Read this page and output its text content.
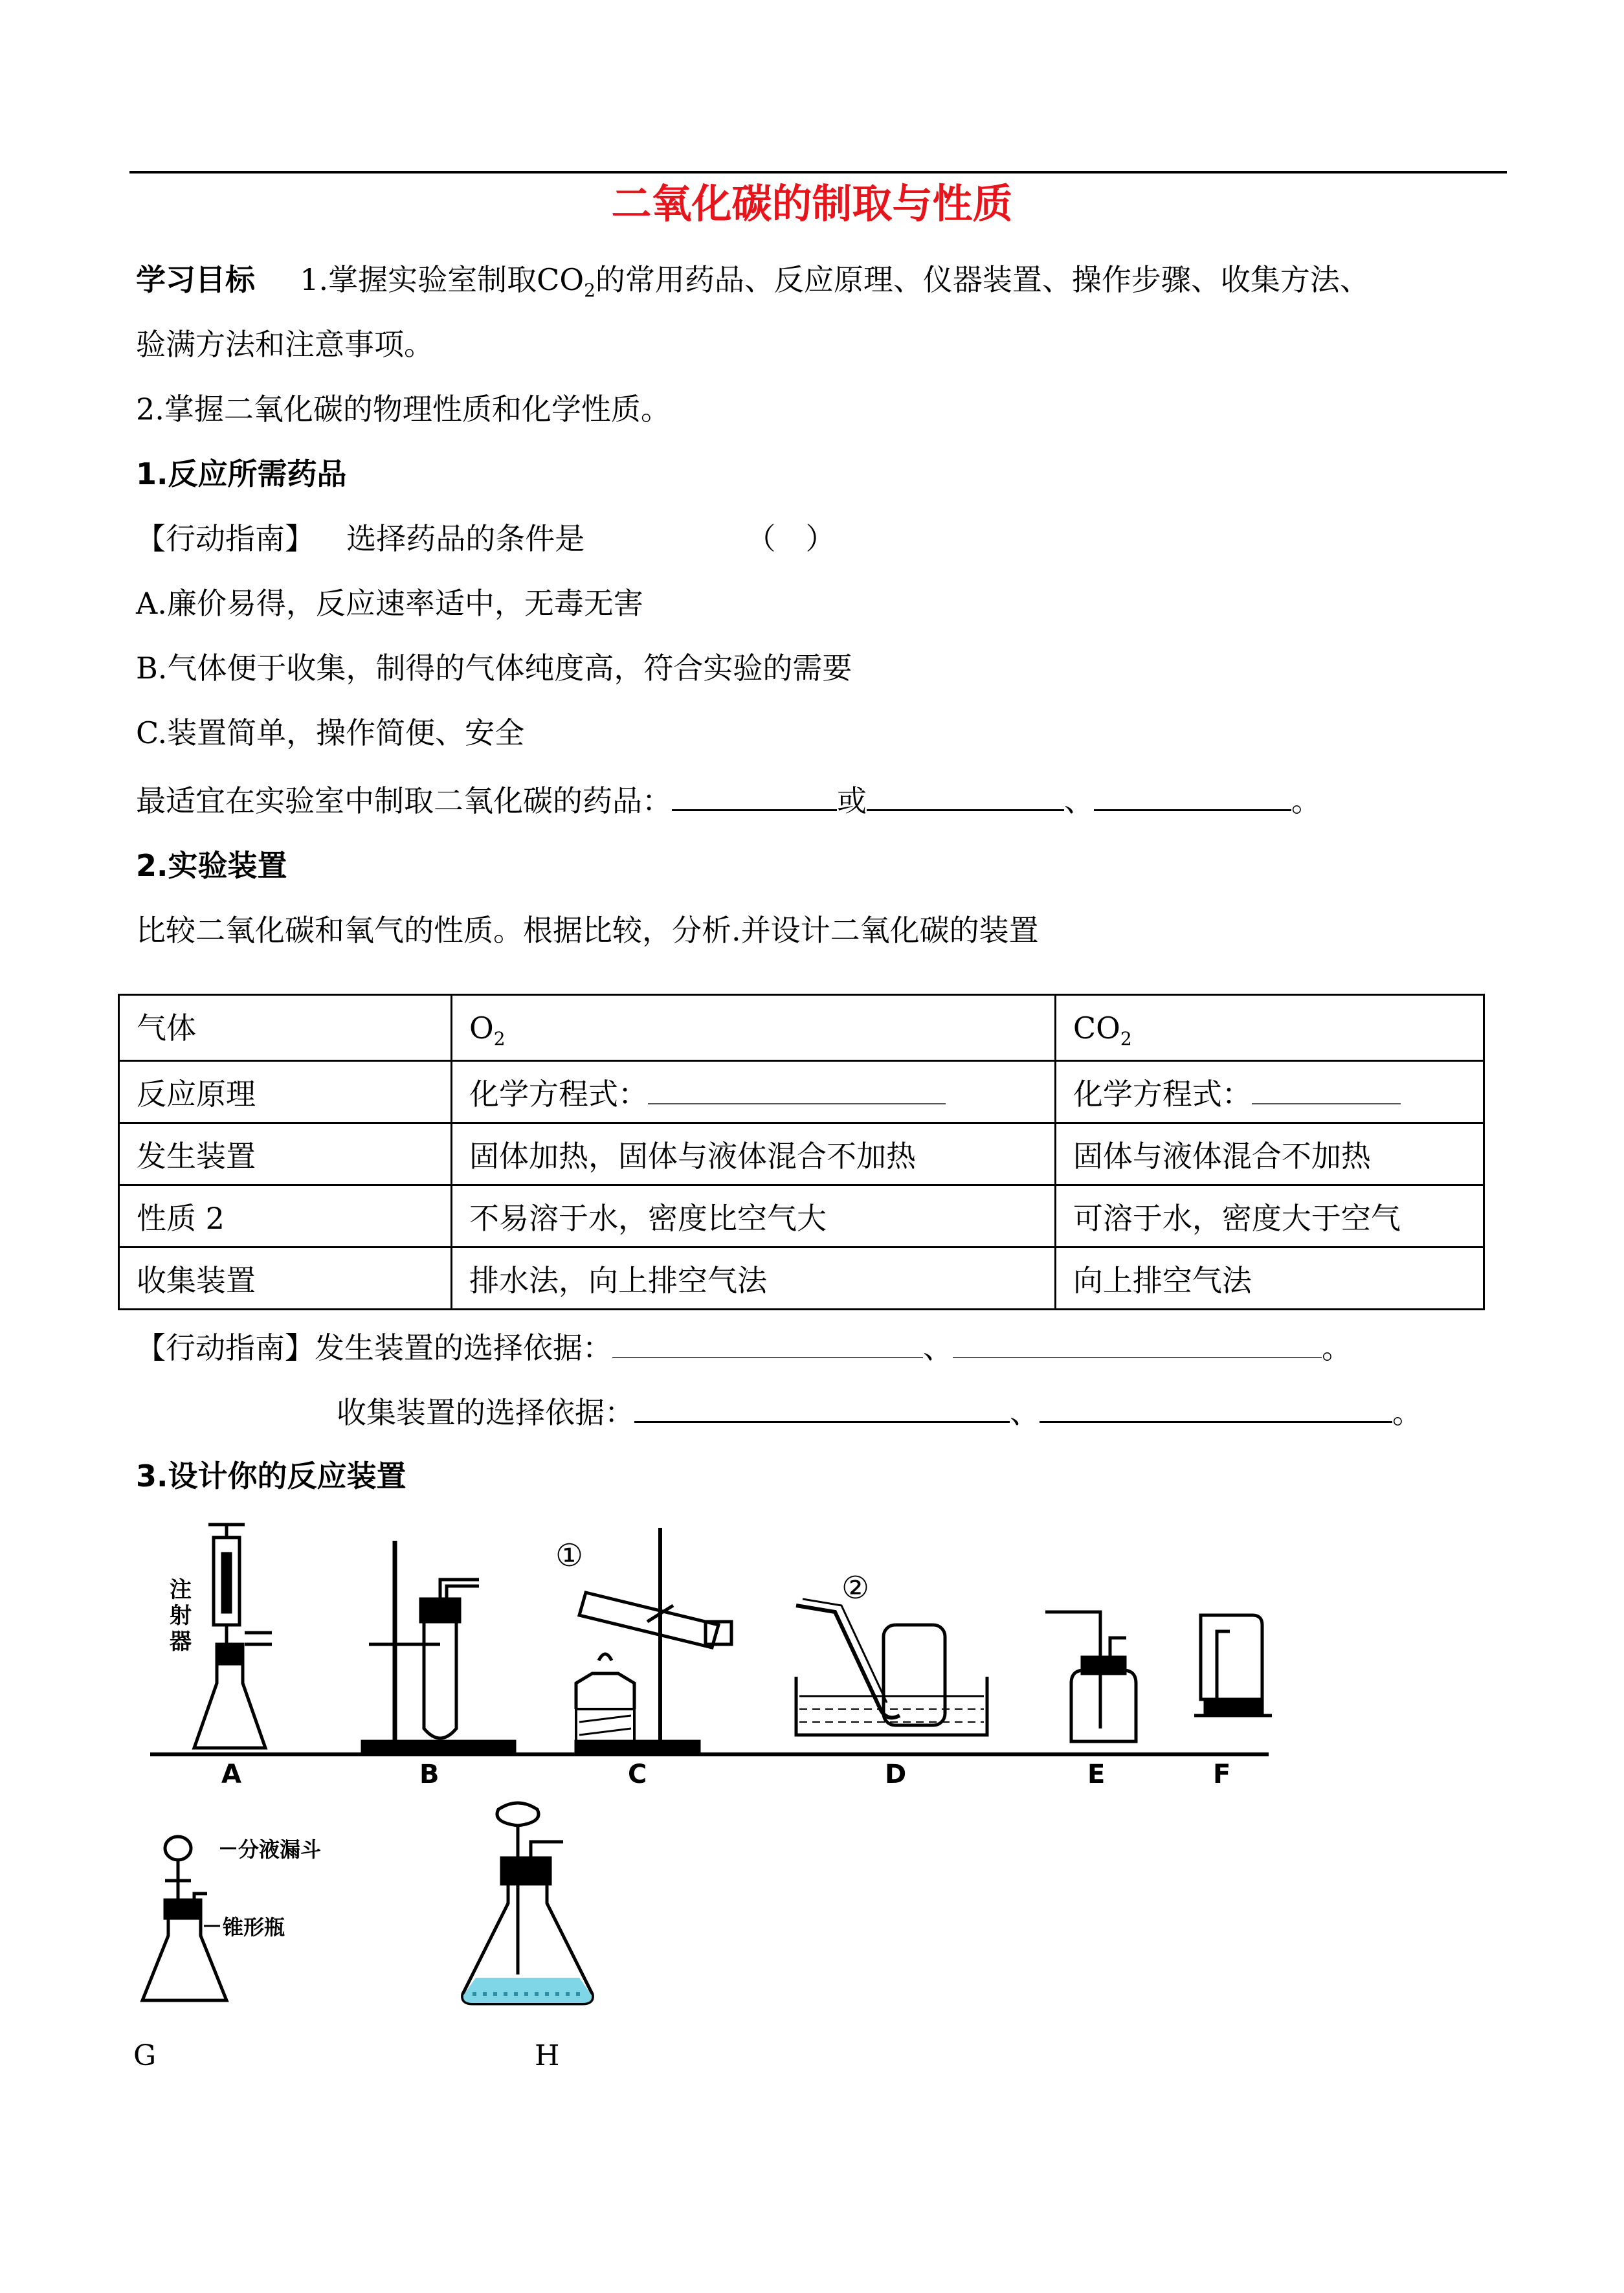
二氧化碳的制取与性质
学习目标 1.掌握实验室制取$CO_2$的常用药品、反应原理、仪器装置、操作步骤、收集方法、
验满方法和注意事项。
2.掌握二氧化碳的物理性质和化学性质。
1.反应所需药品
【行动指南】 选择药品的条件是	（　）
A.廉价易得，反应速率适中，无毒无害
B.气体便于收集，制得的气体纯度高，符合实验的需要
C.装置简单，操作简便、安全
最适宜在实验室中制取二氧化碳的药品：	或	、	。
2.实验装置
比较二氧化碳和氧气的性质。根据比较，分析.并设计二氧化碳的装置
气体	$O_2$	$CO_2$
反应原理	化学方程式：	化学方程式：
发生装置	固体加热，固体与液体混合不加热	固体与液体混合不加热
性质 2	不易溶于水，密度比空气大	可溶于水，密度大于空气
收集装置	排水法，向上排空气法	向上排空气法
【行动指南】发生装置的选择依据：	、	。
收集装置的选择依据：	、	。
3.设计你的反应装置
A	B	C	D	E	F
G	H
注
射
器
①
②
分液漏斗
锥形瓶
